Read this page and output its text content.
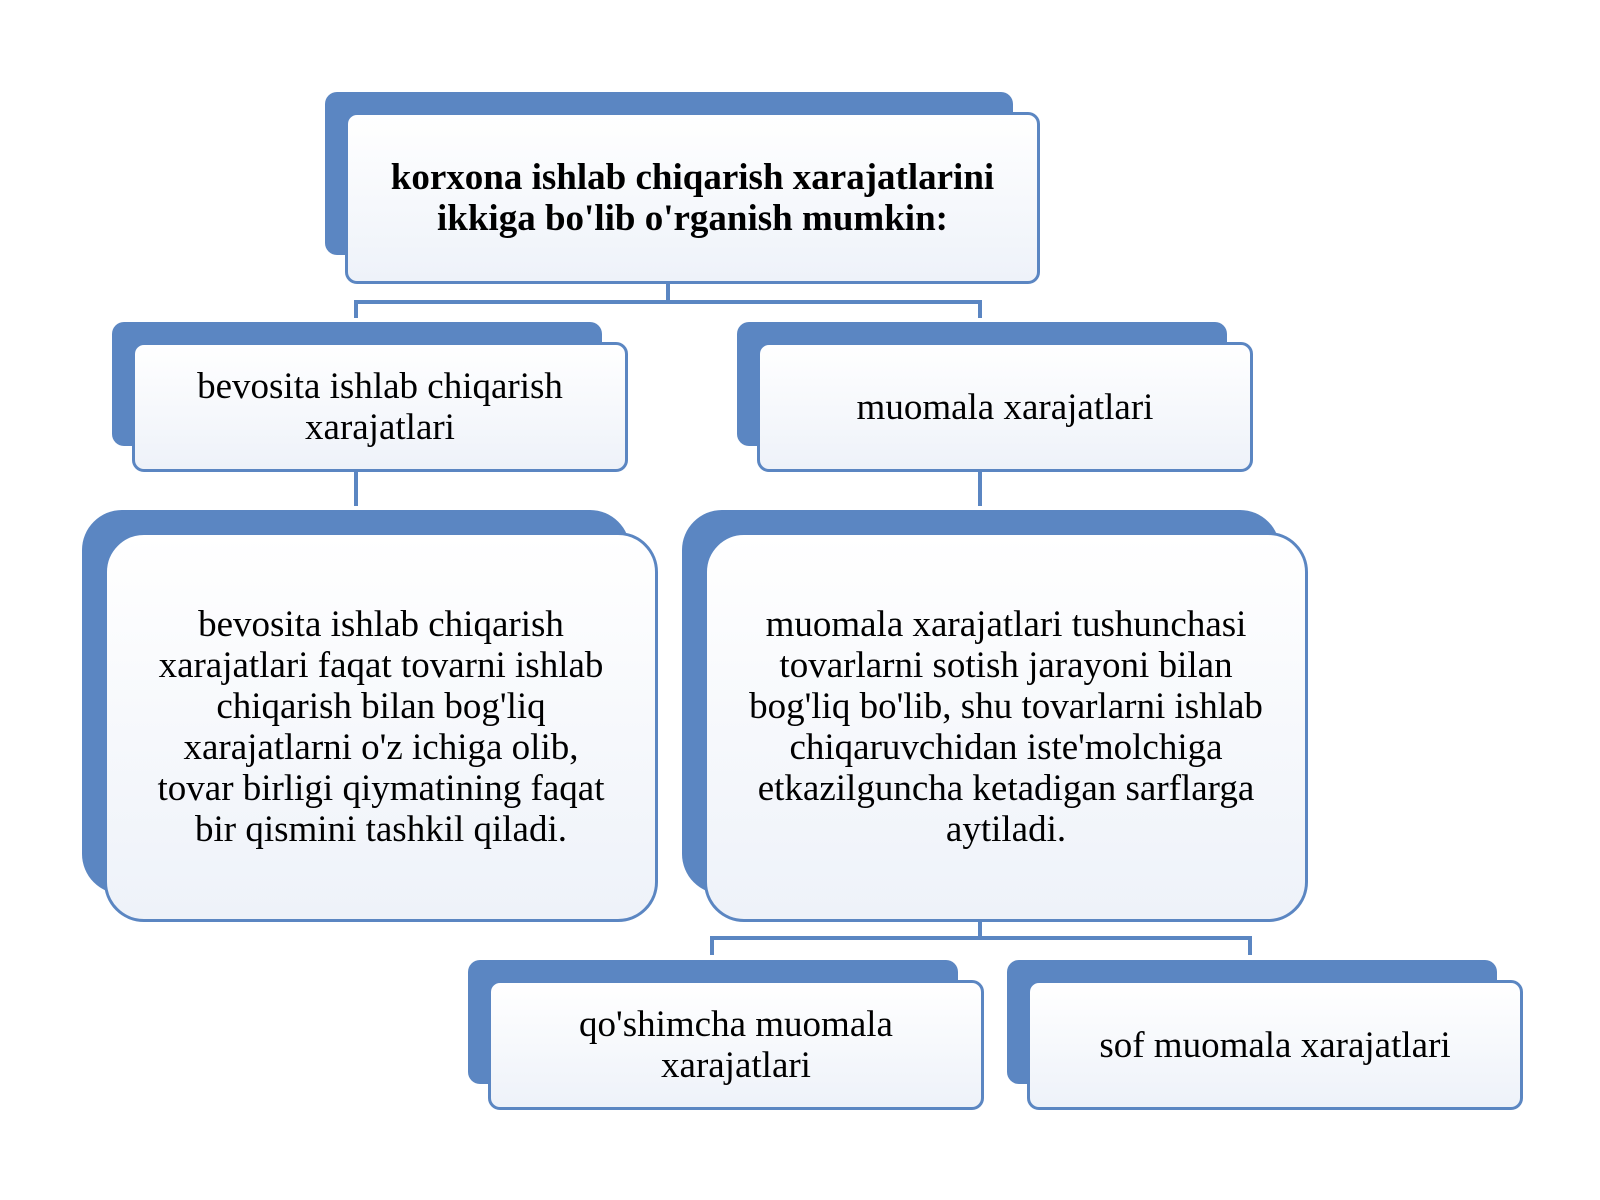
korxona ishlab chiqarish xarajatlarini
ikkiga bo'lib o'rganish mumkin:
bevosita ishlab chiqarish
xarajatlari	muomala xarajatlari
bevosita ishlab chiqarish
xarajatlari faqat tovarni ishlab
chiqarish bilan bog'liq
xarajatlarni o'z ichiga olib,
tovar birligi qiymatining faqat
bir qismini tashkil qiladi.
muomala xarajatlari tushunchasi
tovarlarni sotish jarayoni bilan
bog'liq bo'lib, shu tovarlarni ishlab
chiqaruvchidan iste'molchiga
etkazilguncha ketadigan sarflarga
aytiladi.
qo'shimcha muomala
xarajatlari	sof muomala xarajatlari
